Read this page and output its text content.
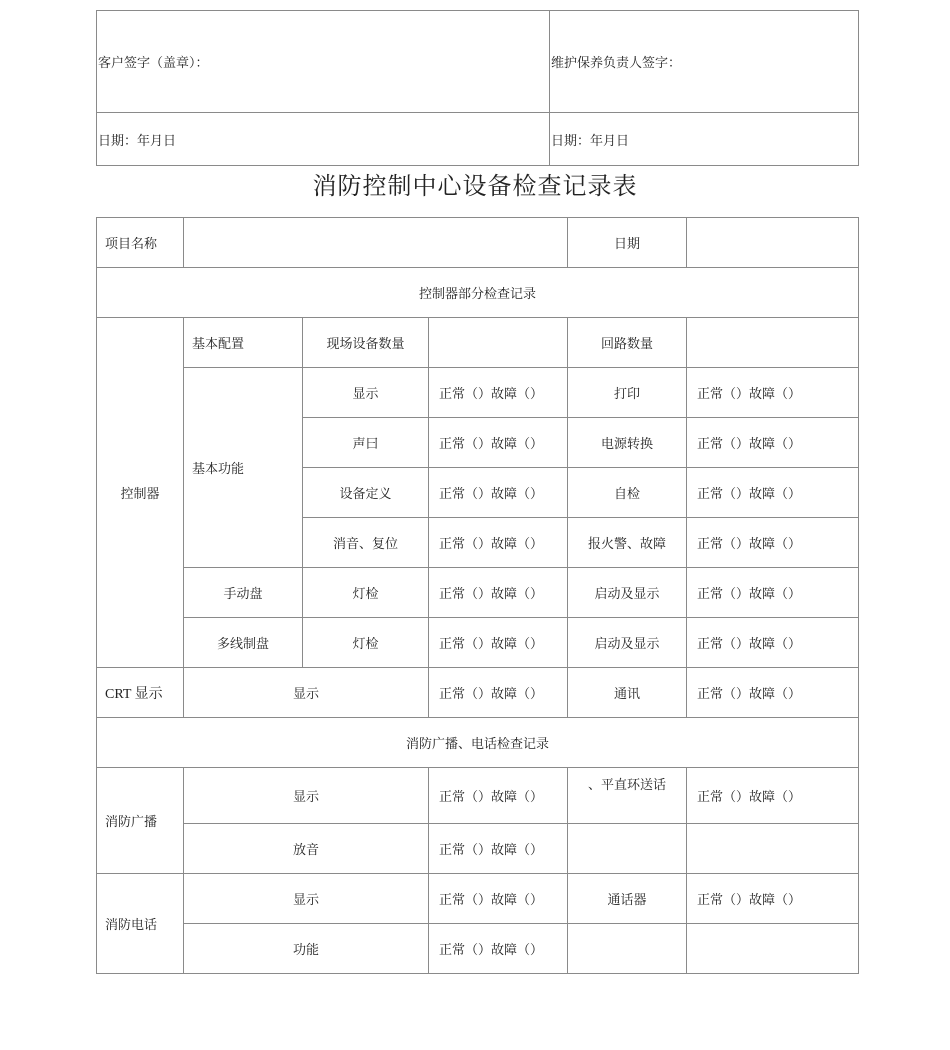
客户签字（盖章）：	维护保养负责人签字：
日期：年月日	日期：年月日
消防控制中心设备检查记录表
项目名称				日期	
控制器部分检查记录					
控制器	基本配置	现场设备数量		回路数量	
	基本功能	显示	正常（）故障（）	打印	正常（）故障（）
		声曰	正常（）故障（）	电源转换	正常（）故障（）
		设备定义	正常（）故障（）	自检	正常（）故障（）
		消音、复位	正常（）故障（）	报火警、故障	正常（）故障（）
	手动盘	灯检	正常（）故障（）	启动及显示	正常（）故障（）
	多线制盘	灯检	正常（）故障（）	启动及显示	正常（）故障（）
CRT 显示	显示		正常（）故障（）	通讯	正常（）故障（）
消防广播、电话检查记录					
消防广播	显示		正常（）故障（）	、平直环送话	正常（）故障（）
	放音		正常（）故障（）		
消防电话	显示		正常（）故障（）	通话器	正常（）故障（）
	功能		正常（）故障（）		
